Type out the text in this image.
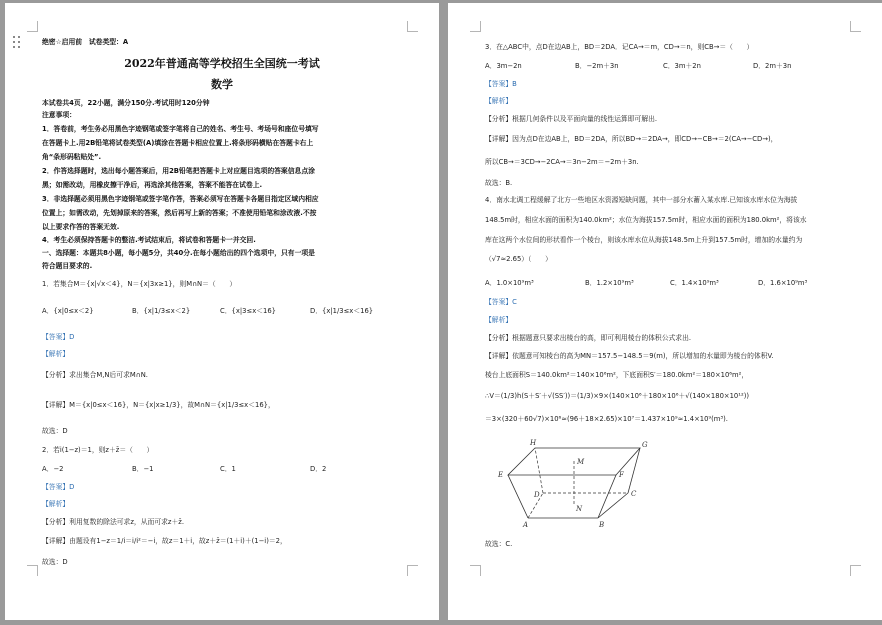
绝密☆启用前　试卷类型：A
2022年普通高等学校招生全国统一考试
数学
本试卷共4页，22小题，满分150分.考试用时120分钟
注意事项：
1．答卷前，考生务必用黑色字迹钢笔或签字笔将自己的姓名、考生号、考场号和座位号填写
在答题卡上.用2B铅笔将试卷类型(A)填涂在答题卡相应位置上.将条形码横贴在答题卡右上
角“条形码粘贴处”.
2．作答选择题时，选出每小题答案后，用2B铅笔把答题卡上对应题目选项的答案信息点涂
黑；如需改动，用橡皮擦干净后，再选涂其他答案，答案不能答在试卷上.
3．非选择题必须用黑色字迹钢笔或签字笔作答，答案必须写在答题卡各题目指定区域内相应
位置上；如需改动，先划掉原来的答案，然后再写上新的答案；不准使用铅笔和涂改液.不按
以上要求作答的答案无效.
4．考生必须保持答题卡的整洁.考试结束后，将试卷和答题卡一并交回.
一、选择题：本题共8小题，每小题5分，共40分.在每小题给出的四个选项中，只有一项是
符合题目要求的.
1．若集合M＝{x|√x＜4}，N＝{x|3x≥1}，则M∩N＝（　　）
A．{x|0≤x＜2}	B．{x|1/3≤x＜2}	C．{x|3≤x＜16}	D．{x|1/3≤x＜16}
【答案】D
【解析】
【分析】求出集合M,N后可求M∩N.
【详解】M＝{x|0≤x＜16}，N＝{x|x≥1/3}，故M∩N＝{x|1/3≤x＜16}，
故选：D
2．若i(1−z)＝1，则z＋z̄＝（　　）
A．−2	B．−1	C．1	D．2
【答案】D
【解析】
【分析】利用复数的除法可求z，从而可求z＋z̄.
【详解】由题设有1−z＝1/i＝i/i²＝−i，故z＝1＋i，故z＋z̄＝(1＋i)＋(1−i)＝2，
故选：D
3．在△ABC中，点D在边AB上，BD＝2DA．记CA→＝m，CD→＝n，则CB→＝（　　）
A．3m−2n	B．−2m＋3n	C．3m＋2n	D．2m＋3n
【答案】B
【解析】
【分析】根据几何条件以及平面向量的线性运算即可解出.
【详解】因为点D在边AB上，BD＝2DA，所以BD→＝2DA→，即CD→−CB→＝2(CA→−CD→)，
所以CB→＝3CD→−2CA→＝3n−2m＝−2m＋3n.
故选：B.
4．南水北调工程缓解了北方一些地区水资源短缺问题，其中一部分水蓄入某水库.已知该水库水位为海拔
148.5m时，相应水面的面积为140.0km²；水位为海拔157.5m时，相应水面的面积为180.0km²，将该水
库在这两个水位间的形状看作一个棱台，则该水库水位从海拔148.5m上升到157.5m时，增加的水量约为
（√7≈2.65）（　　）
A．1.0×10⁹m³	B．1.2×10⁹m³	C．1.4×10⁹m³	D．1.6×10⁹m³
【答案】C
【解析】
【分析】根据题意只要求出棱台的高，即可利用棱台的体积公式求出.
【详解】依题意可知棱台的高为MN＝157.5−148.5＝9(m)，所以增加的水量即为棱台的体积V.
棱台上底面积S＝140.0km²＝140×10⁶m²，下底面积S′＝180.0km²＝180×10⁶m²，
∴V＝(1/3)h(S＋S′＋√(SS′))＝(1/3)×9×(140×10⁶＋180×10⁶＋√(140×180×10¹²))
＝3×(320＋60√7)×10⁶≈(96＋18×2.65)×10⁷＝1.437×10⁹≈1.4×10⁹(m³).
H	G
M
E	F
D	C
N
A	B
故选：C.
